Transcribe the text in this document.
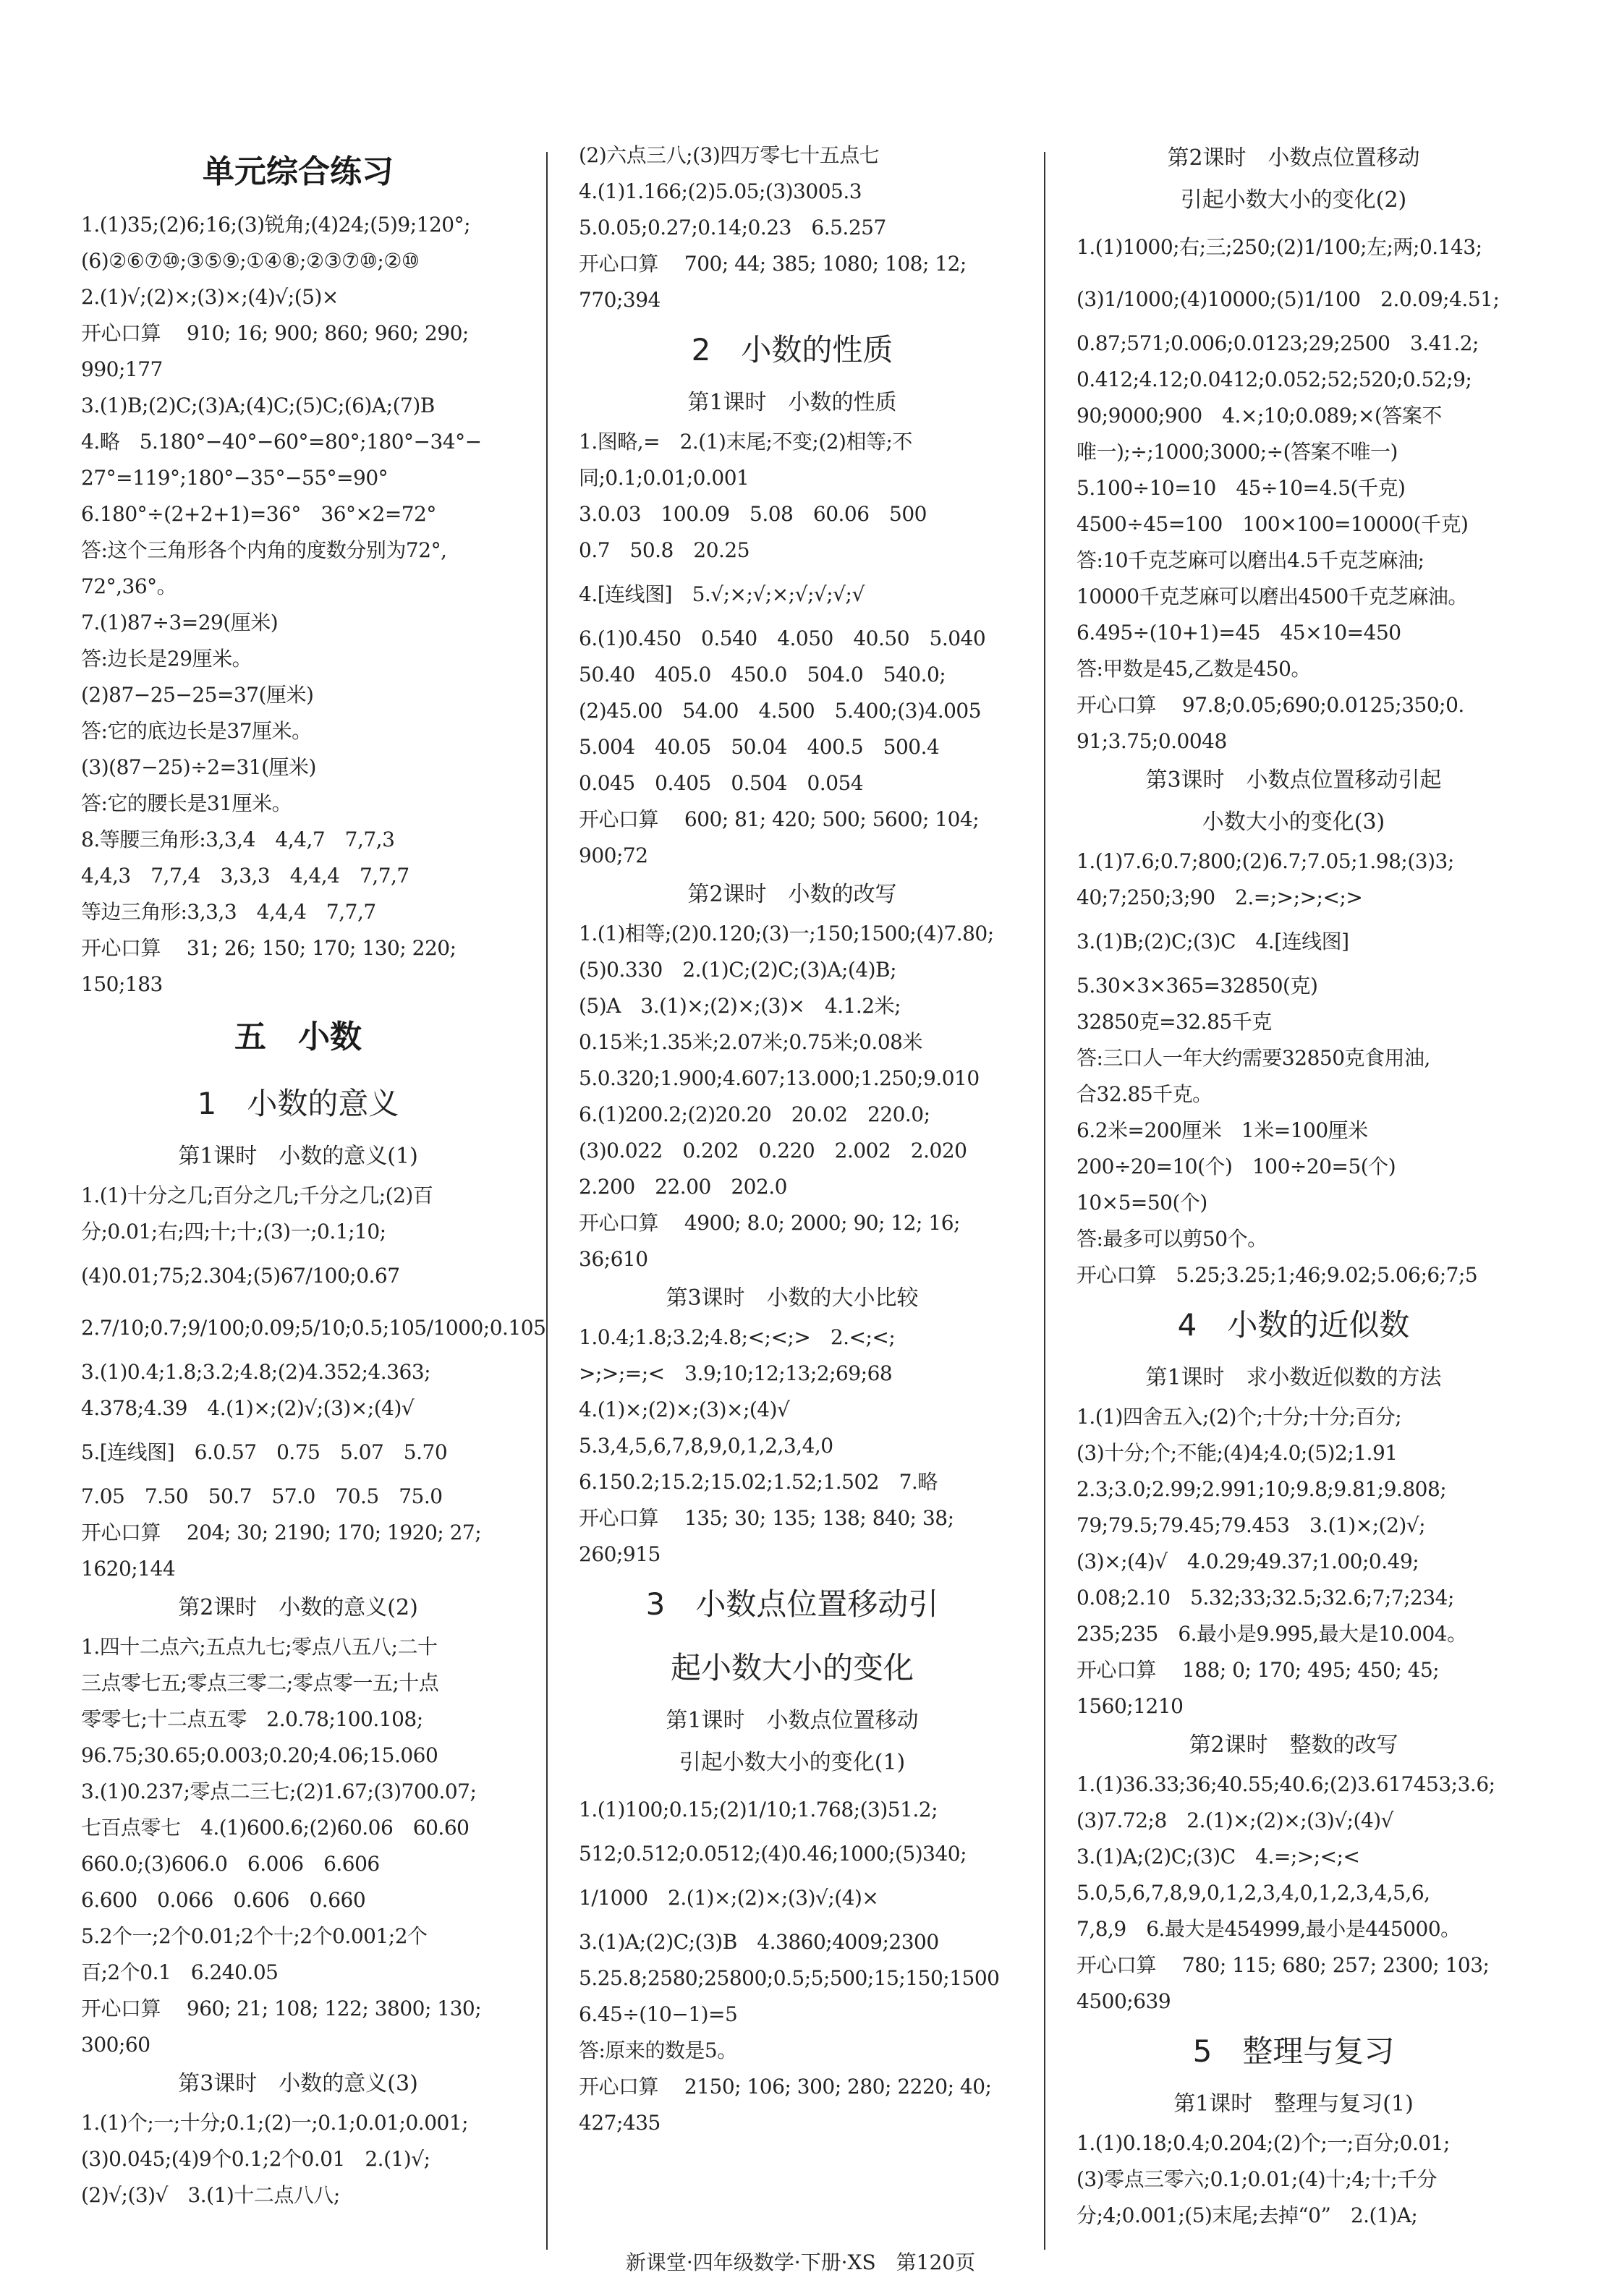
单元综合练习
1.(1)35;(2)6;16;(3)锐角;(4)24;(5)9;120°;
(6)②⑥⑦⑩;③⑤⑨;①④⑧;②③⑦⑩;②⑩
2.(1)√;(2)×;(3)×;(4)√;(5)×
开心口算　 910; 16; 900; 860; 960; 290;
990;177
3.(1)B;(2)C;(3)A;(4)C;(5)C;(6)A;(7)B
4.略　5.180°−40°−60°=80°;180°−34°−
27°=119°;180°−35°−55°=90°
6.180°÷(2+2+1)=36°　36°×2=72°
答:这个三角形各个内角的度数分别为72°,
72°,36°。
7.(1)87÷3=29(厘米)
答:边长是29厘米。
(2)87−25−25=37(厘米)
答:它的底边长是37厘米。
(3)(87−25)÷2=31(厘米)
答:它的腰长是31厘米。
8.等腰三角形:3,3,4　4,4,7　7,7,3
4,4,3　7,7,4　3,3,3　4,4,4　7,7,7
等边三角形:3,3,3　4,4,4　7,7,7
开心口算　 31; 26; 150; 170; 130; 220;
150;183
五　小数
1　小数的意义
第1课时　小数的意义(1)
1.(1)十分之几;百分之几;千分之几;(2)百
分;0.01;右;四;十;十;(3)一;0.1;10;
(4)0.01;75;2.304;(5)67/100;0.67
2.7/10;0.7;9/100;0.09;5/10;0.5;105/1000;0.105
3.(1)0.4;1.8;3.2;4.8;(2)4.352;4.363;
4.378;4.39　4.(1)×;(2)√;(3)×;(4)√
5.[连线图]　6.0.57　0.75　5.07　5.70
7.05　7.50　50.7　57.0　70.5　75.0
开心口算　 204; 30; 2190; 170; 1920; 27;
1620;144
第2课时　小数的意义(2)
1.四十二点六;五点九七;零点八五八;二十
三点零七五;零点三零二;零点零一五;十点
零零七;十二点五零　2.0.78;100.108;
96.75;30.65;0.003;0.20;4.06;15.060
3.(1)0.237;零点二三七;(2)1.67;(3)700.07;
七百点零七　4.(1)600.6;(2)60.06　60.60
660.0;(3)606.0　6.006　6.606
6.600　0.066　0.606　0.660
5.2个一;2个0.01;2个十;2个0.001;2个
百;2个0.1　6.240.05
开心口算　 960; 21; 108; 122; 3800; 130;
300;60
第3课时　小数的意义(3)
1.(1)个;一;十分;0.1;(2)一;0.1;0.01;0.001;
(3)0.045;(4)9个0.1;2个0.01　2.(1)√;
(2)√;(3)√　3.(1)十二点八八;
(2)六点三八;(3)四万零七十五点七
4.(1)1.166;(2)5.05;(3)3005.3
5.0.05;0.27;0.14;0.23　6.5.257
开心口算　 700; 44; 385; 1080; 108; 12;
770;394
2　小数的性质
第1课时　小数的性质
1.图略,=　2.(1)末尾;不变;(2)相等;不
同;0.1;0.01;0.001
3.0.03　100.09　5.08　60.06　500
0.7　50.8　20.25
4.[连线图]　5.√;×;√;×;√;√;√;√
6.(1)0.450　0.540　4.050　40.50　5.040
50.40　405.0　450.0　504.0　540.0;
(2)45.00　54.00　4.500　5.400;(3)4.005
5.004　40.05　50.04　400.5　500.4
0.045　0.405　0.504　0.054
开心口算　 600; 81; 420; 500; 5600; 104;
900;72
第2课时　小数的改写
1.(1)相等;(2)0.120;(3)一;150;1500;(4)7.80;
(5)0.330　2.(1)C;(2)C;(3)A;(4)B;
(5)A　3.(1)×;(2)×;(3)×　4.1.2米;
0.15米;1.35米;2.07米;0.75米;0.08米
5.0.320;1.900;4.607;13.000;1.250;9.010
6.(1)200.2;(2)20.20　20.02　220.0;
(3)0.022　0.202　0.220　2.002　2.020
2.200　22.00　202.0
开心口算　 4900; 8.0; 2000; 90; 12; 16;
36;610
第3课时　小数的大小比较
1.0.4;1.8;3.2;4.8;<;<;>　2.<;<;
>;>;=;<　3.9;10;12;13;2;69;68
4.(1)×;(2)×;(3)×;(4)√
5.3,4,5,6,7,8,9,0,1,2,3,4,0
6.150.2;15.2;15.02;1.52;1.502　7.略
开心口算　 135; 30; 135; 138; 840; 38;
260;915
3　小数点位置移动引
起小数大小的变化
第1课时　小数点位置移动
引起小数大小的变化(1)
1.(1)100;0.15;(2)1/10;1.768;(3)51.2;
512;0.512;0.0512;(4)0.46;1000;(5)340;
1/1000　2.(1)×;(2)×;(3)√;(4)×
3.(1)A;(2)C;(3)B　4.3860;4009;2300
5.25.8;2580;25800;0.5;5;500;15;150;1500
6.45÷(10−1)=5
答:原来的数是5。
开心口算　 2150; 106; 300; 280; 2220; 40;
427;435
第2课时　小数点位置移动
引起小数大小的变化(2)
1.(1)1000;右;三;250;(2)1/100;左;两;0.143;
(3)1/1000;(4)10000;(5)1/100　2.0.09;4.51;
0.87;571;0.006;0.0123;29;2500　3.41.2;
0.412;4.12;0.0412;0.052;52;520;0.52;9;
90;9000;900　4.×;10;0.089;×(答案不
唯一);÷;1000;3000;÷(答案不唯一)
5.100÷10=10　45÷10=4.5(千克)
4500÷45=100　100×100=10000(千克)
答:10千克芝麻可以磨出4.5千克芝麻油;
10000千克芝麻可以磨出4500千克芝麻油。
6.495÷(10+1)=45　45×10=450
答:甲数是45,乙数是450。
开心口算　 97.8;0.05;690;0.0125;350;0.
91;3.75;0.0048
第3课时　小数点位置移动引起
小数大小的变化(3)
1.(1)7.6;0.7;800;(2)6.7;7.05;1.98;(3)3;
40;7;250;3;90　2.=;>;>;<;>
3.(1)B;(2)C;(3)C　4.[连线图]
5.30×3×365=32850(克)
32850克=32.85千克
答:三口人一年大约需要32850克食用油,
合32.85千克。
6.2米=200厘米　1米=100厘米
200÷20=10(个)　100÷20=5(个)
10×5=50(个)
答:最多可以剪50个。
开心口算　5.25;3.25;1;46;9.02;5.06;6;7;5
4　小数的近似数
第1课时　求小数近似数的方法
1.(1)四舍五入;(2)个;十分;十分;百分;
(3)十分;个;不能;(4)4;4.0;(5)2;1.91
2.3;3.0;2.99;2.991;10;9.8;9.81;9.808;
79;79.5;79.45;79.453　3.(1)×;(2)√;
(3)×;(4)√　4.0.29;49.37;1.00;0.49;
0.08;2.10　5.32;33;32.5;32.6;7;7;234;
235;235　6.最小是9.995,最大是10.004。
开心口算　 188; 0; 170; 495; 450; 45;
1560;1210
第2课时　整数的改写
1.(1)36.33;36;40.55;40.6;(2)3.617453;3.6;
(3)7.72;8　2.(1)×;(2)×;(3)√;(4)√
3.(1)A;(2)C;(3)C　4.=;>;<;<
5.0,5,6,7,8,9,0,1,2,3,4,0,1,2,3,4,5,6,
7,8,9　6.最大是454999,最小是445000。
开心口算　 780; 115; 680; 257; 2300; 103;
4500;639
5　整理与复习
第1课时　整理与复习(1)
1.(1)0.18;0.4;0.204;(2)个;一;百分;0.01;
(3)零点三零六;0.1;0.01;(4)十;4;十;千分
分;4;0.001;(5)末尾;去掉“0”　2.(1)A;
新课堂·四年级数学·下册·XS　第120页
